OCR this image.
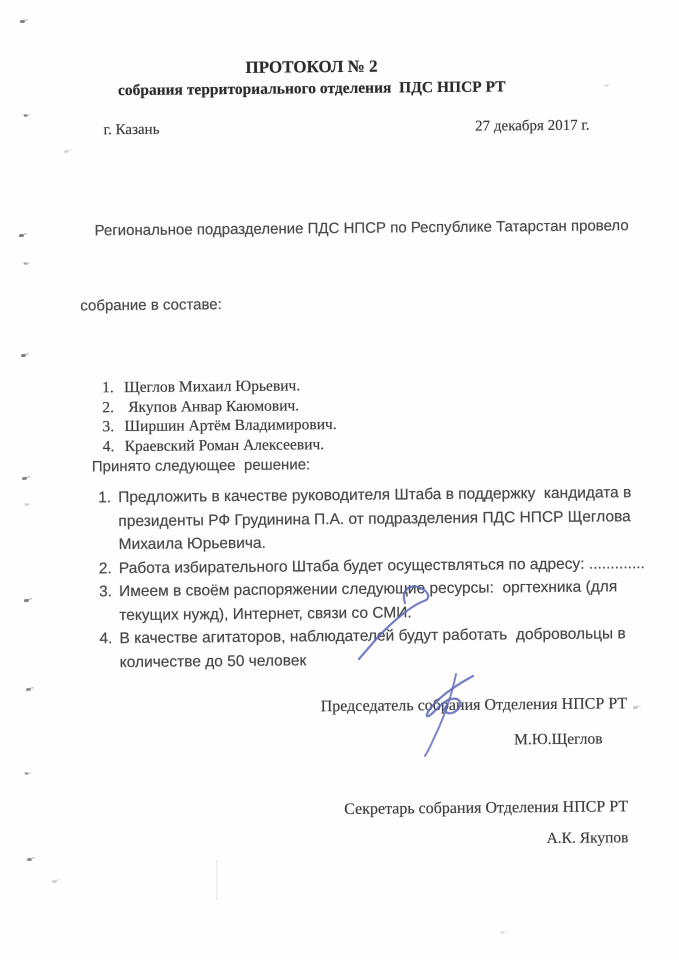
ПРОТОКОЛ № 2
собрания территориального отделения  ПДС НПСР РТ
г. Казань	27 декабря 2017 г.

Региональное подразделение ПДС НПСР по Республике Татарстан провело

собрание в составе:

Щеглов Михаил Юрьевич.
Якупов Анвар Каюмович.
Ширшин Артём Владимирович.
Краевский Роман Алексеевич.
Принято следующее  решение:
Предложить в качестве руководителя Штаба в поддержку  кандидата в
президенты РФ Грудинина П.А. от подразделения ПДС НПСР Щеглова
Михаила Юрьевича.
Работа избирательного Штаба будет осуществляться по адресу: .............
Имеем в своём распоряжении следующие ресурсы:  оргтехника (для
текущих нужд), Интернет, связи со СМИ.
В качестве агитаторов, наблюдателей будут работать  добровольцы в
количестве до 50 человек
Председатель собрания Отделения НПСР РТ
М.Ю.Щеглов
Секретарь собрания Отделения НПСР РТ
А.К. Якупов
